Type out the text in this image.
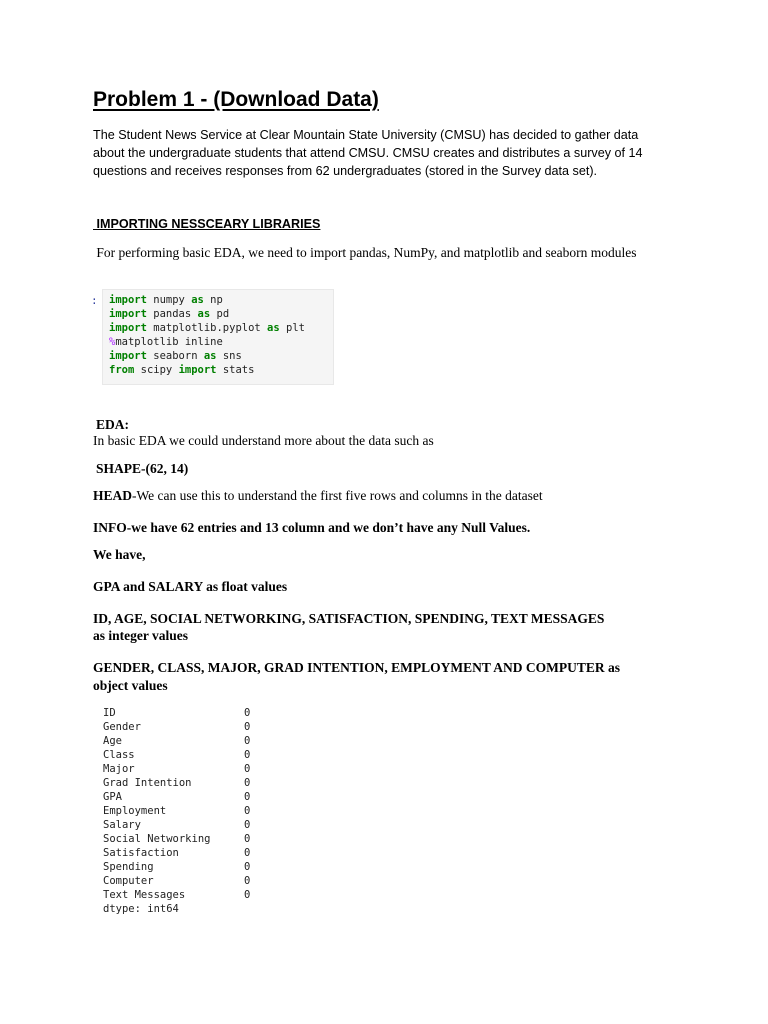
Problem 1 - (Download Data)

The Student News Service at Clear Mountain State University (CMSU) has decided to gather data about the undergraduate students that attend CMSU. CMSU creates and distributes a survey of 14 questions and receives responses from 62 undergraduates (stored in the Survey data set).

IMPORTING NESSCEARY LIBRARIES

For performing basic EDA, we need to import pandas, NumPy, and matplotlib and seaborn modules

: import numpy as np
import pandas as pd
import matplotlib.pyplot as plt
%matplotlib inline
import seaborn as sns
from scipy import stats

EDA:

In basic EDA we could understand more about the data such as

SHAPE-(62, 14)

HEAD-We can use this to understand the first five rows and columns in the dataset

INFO-we have 62 entries and 13 column and we don’t have any Null Values.

We have,

GPA and SALARY as float values

ID, AGE, SOCIAL NETWORKING, SATISFACTION, SPENDING, TEXT MESSAGES

as integer values

GENDER, CLASS, MAJOR, GRAD INTENTION, EMPLOYMENT AND COMPUTER as

object values

ID	0
Gender	0
Age	0
Class	0
Major	0
Grad Intention	0
GPA	0
Employment	0
Salary	0
Social Networking	0
Satisfaction	0
Spending	0
Computer	0
Text Messages	0
dtype: int64
